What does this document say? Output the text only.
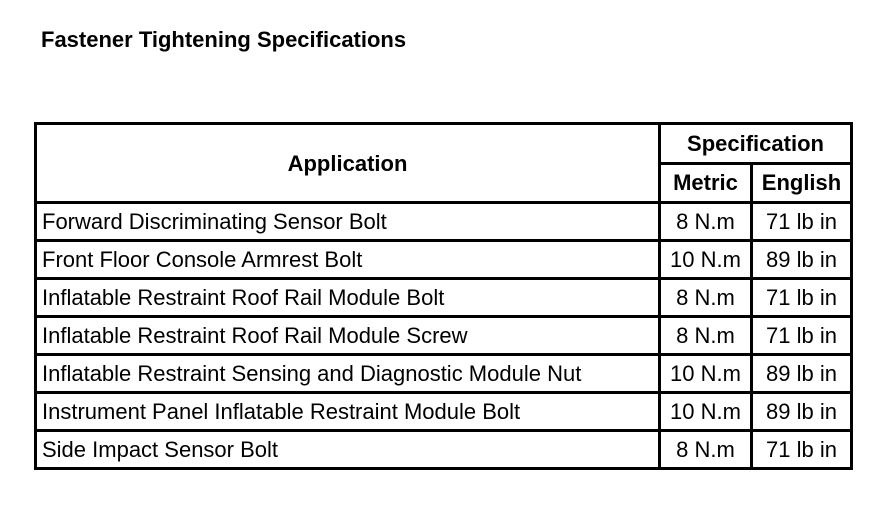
Fastener Tightening Specifications
Application	Specification	
	Metric	English
Forward Discriminating Sensor Bolt	8 N.m	71 lb in
Front Floor Console Armrest Bolt	10 N.m	89 lb in
Inflatable Restraint Roof Rail Module Bolt	8 N.m	71 lb in
Inflatable Restraint Roof Rail Module Screw	8 N.m	71 lb in
Inflatable Restraint Sensing and Diagnostic Module Nut	10 N.m	89 lb in
Instrument Panel Inflatable Restraint Module Bolt	10 N.m	89 lb in
Side Impact Sensor Bolt	8 N.m	71 lb in
